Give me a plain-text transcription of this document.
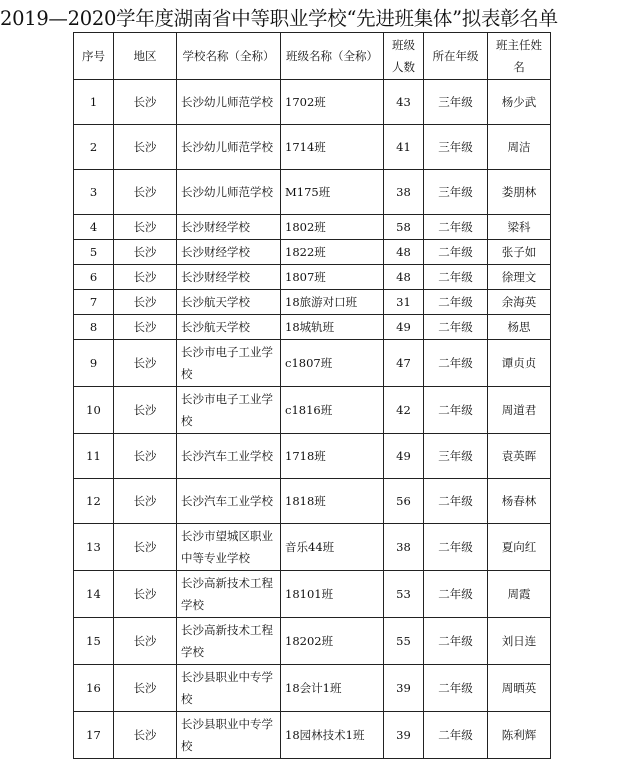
2019—2020学年度湖南省中等职业学校“先进班集体”拟表彰名单
序号	地区	学校名称（全称）	班级名称（全称）	班级人数	所在年级	班主任姓名
1	长沙	长沙幼儿师范学校	1702班	43	三年级	杨少武
2	长沙	长沙幼儿师范学校	1714班	41	三年级	周洁
3	长沙	长沙幼儿师范学校	M175班	38	三年级	娄朋林
4	长沙	长沙财经学校	1802班	58	二年级	梁科
5	长沙	长沙财经学校	1822班	48	二年级	张子如
6	长沙	长沙财经学校	1807班	48	二年级	徐理文
7	长沙	长沙航天学校	18旅游对口班	31	二年级	余海英
8	长沙	长沙航天学校	18城轨班	49	二年级	杨思
9	长沙	长沙市电子工业学校	c1807班	47	二年级	谭贞贞
10	长沙	长沙市电子工业学校	c1816班	42	二年级	周道君
11	长沙	长沙汽车工业学校	1718班	49	三年级	袁英晖
12	长沙	长沙汽车工业学校	1818班	56	二年级	杨春林
13	长沙	长沙市望城区职业中等专业学校	音乐44班	38	二年级	夏向红
14	长沙	长沙高新技术工程学校	18101班	53	二年级	周霞
15	长沙	长沙高新技术工程学校	18202班	55	二年级	刘日连
16	长沙	长沙县职业中专学校	18会计1班	39	二年级	周晒英
17	长沙	长沙县职业中专学校	18园林技术1班	39	二年级	陈利辉
